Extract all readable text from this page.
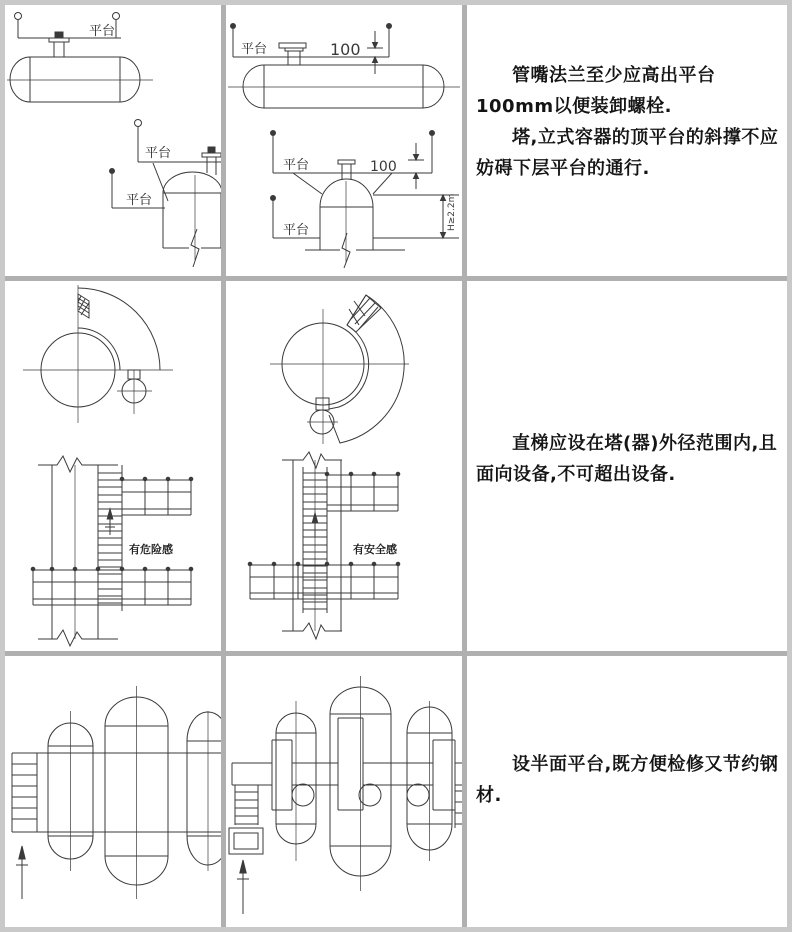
平台
平台
平台
平台	100
平台	100
平台	H≥2.2m

管嘴法兰至少应高出平台100mm以便装卸螺栓.

塔,立式容器的顶平台的斜撑不应妨碍下层平台的通行.

有危险感	有安全感

直梯应设在塔(器)外径范围内,且面向设备,不可超出设备.

设半面平台,既方便检修又节约钢材.
